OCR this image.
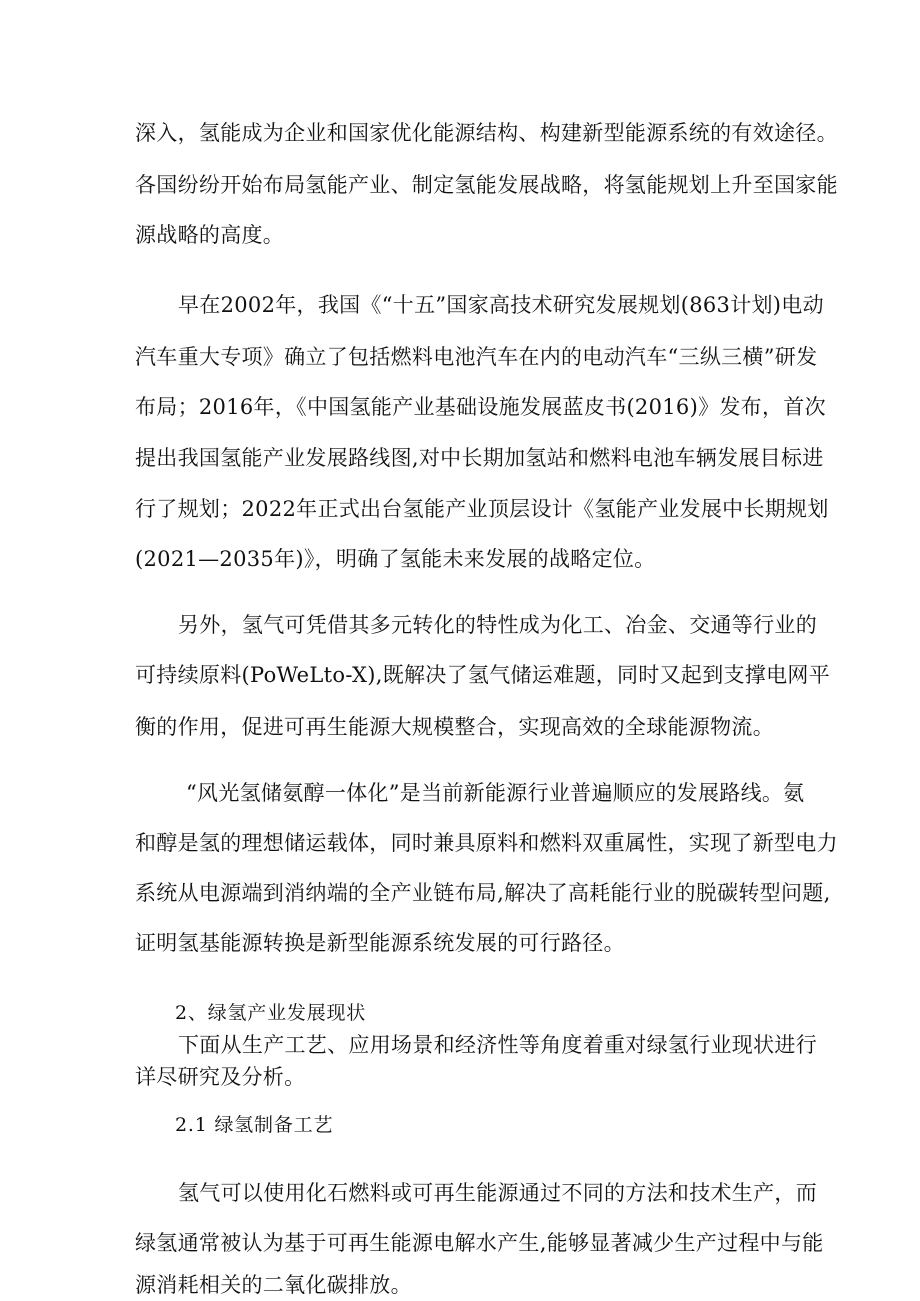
深入，氢能成为企业和国家优化能源结构、构建新型能源系统的有效途径。
各国纷纷开始布局氢能产业、制定氢能发展战略，将氢能规划上升至国家能
源战略的高度。
早在2002年，我国《“十五”国家高技术研究发展规划(863计划)电动
汽车重大专项》确立了包括燃料电池汽车在内的电动汽车“三纵三横”研发
布局；2016年，《中国氢能产业基础设施发展蓝皮书(2016)》发布，首次
提出我国氢能产业发展路线图,对中长期加氢站和燃料电池车辆发展目标进
行了规划；2022年正式出台氢能产业顶层设计《氢能产业发展中长期规划
(2021—2035年)》，明确了氢能未来发展的战略定位。
另外，氢气可凭借其多元转化的特性成为化工、冶金、交通等行业的
可持续原料(PoWeLto-X),既解决了氢气储运难题，同时又起到支撑电网平
衡的作用，促进可再生能源大规模整合，实现高效的全球能源物流。
“风光氢储氨醇一体化”是当前新能源行业普遍顺应的发展路线。氨
和醇是氢的理想储运载体，同时兼具原料和燃料双重属性，实现了新型电力
系统从电源端到消纳端的全产业链布局,解决了高耗能行业的脱碳转型问题,
证明氢基能源转换是新型能源系统发展的可行路径。
2、绿氢产业发展现状
下面从生产工艺、应用场景和经济性等角度着重对绿氢行业现状进行
详尽研究及分析。
2.1 绿氢制备工艺
氢气可以使用化石燃料或可再生能源通过不同的方法和技术生产，而
绿氢通常被认为基于可再生能源电解水产生,能够显著减少生产过程中与能
源消耗相关的二氧化碳排放。
